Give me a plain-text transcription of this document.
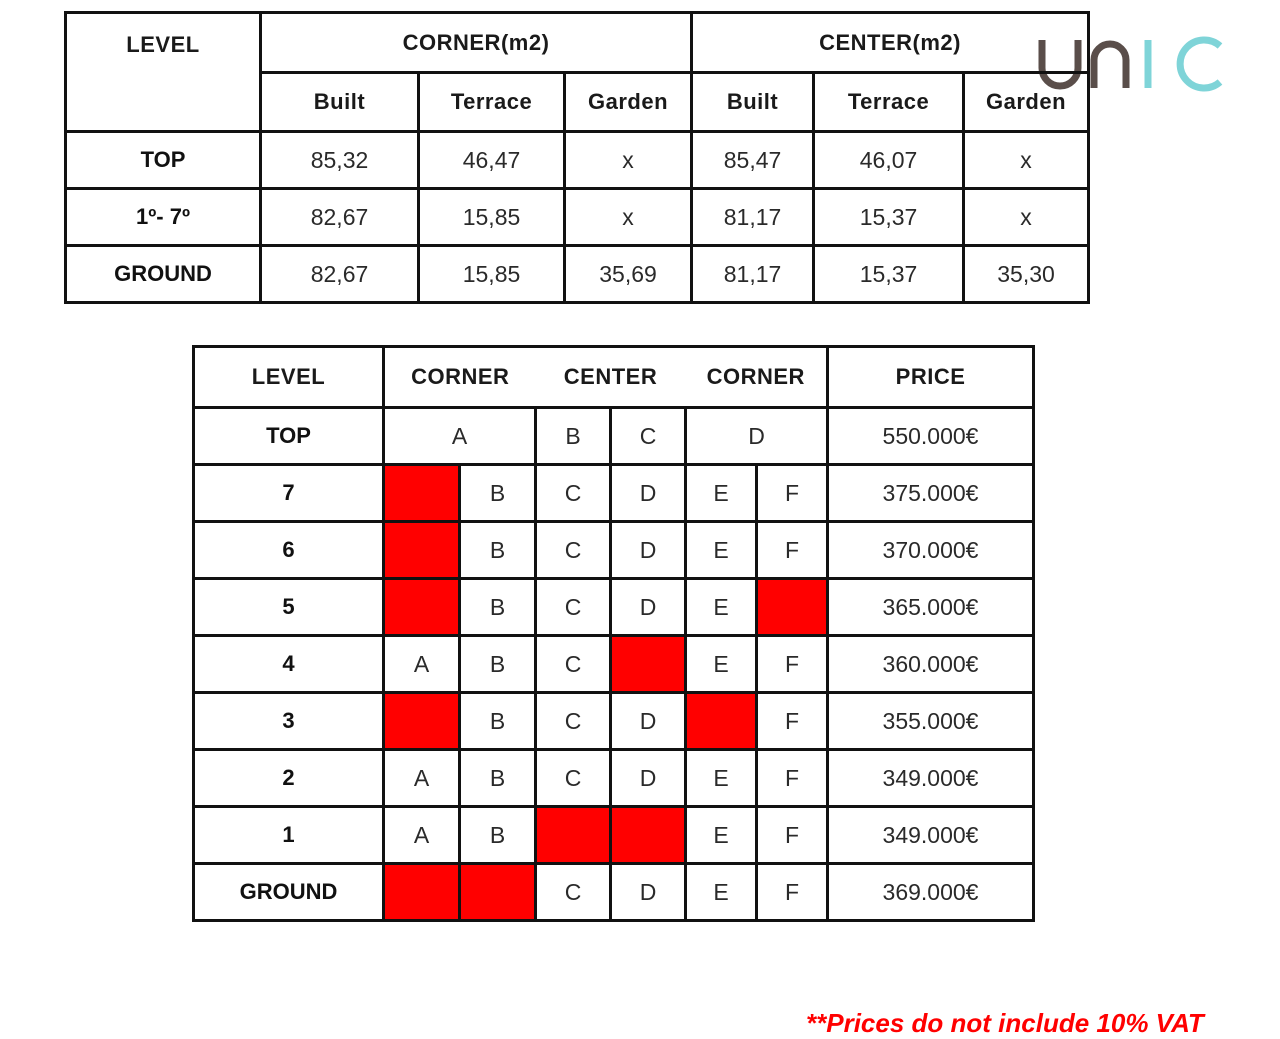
LEVEL	CORNER(m2)			CENTER(m2)		
	Built	Terrace	Garden	Built	Terrace	Garden
TOP	85,32	46,47	x	85,47	46,07	x
1º- 7º	82,67	15,85	x	81,17	15,37	x
GROUND	82,67	15,85	35,69	81,17	15,37	35,30
LEVEL	CORNER		CENTER		CORNER		PRICE
TOP	A		B	C	D		550.000€
7		B	C	D	E	F	375.000€
6		B	C	D	E	F	370.000€
5		B	C	D	E		365.000€
4	A	B	C		E	F	360.000€
3		B	C	D		F	355.000€
2	A	B	C	D	E	F	349.000€
1	A	B			E	F	349.000€
GROUND			C	D	E	F	369.000€
**Prices do not include 10% VAT
